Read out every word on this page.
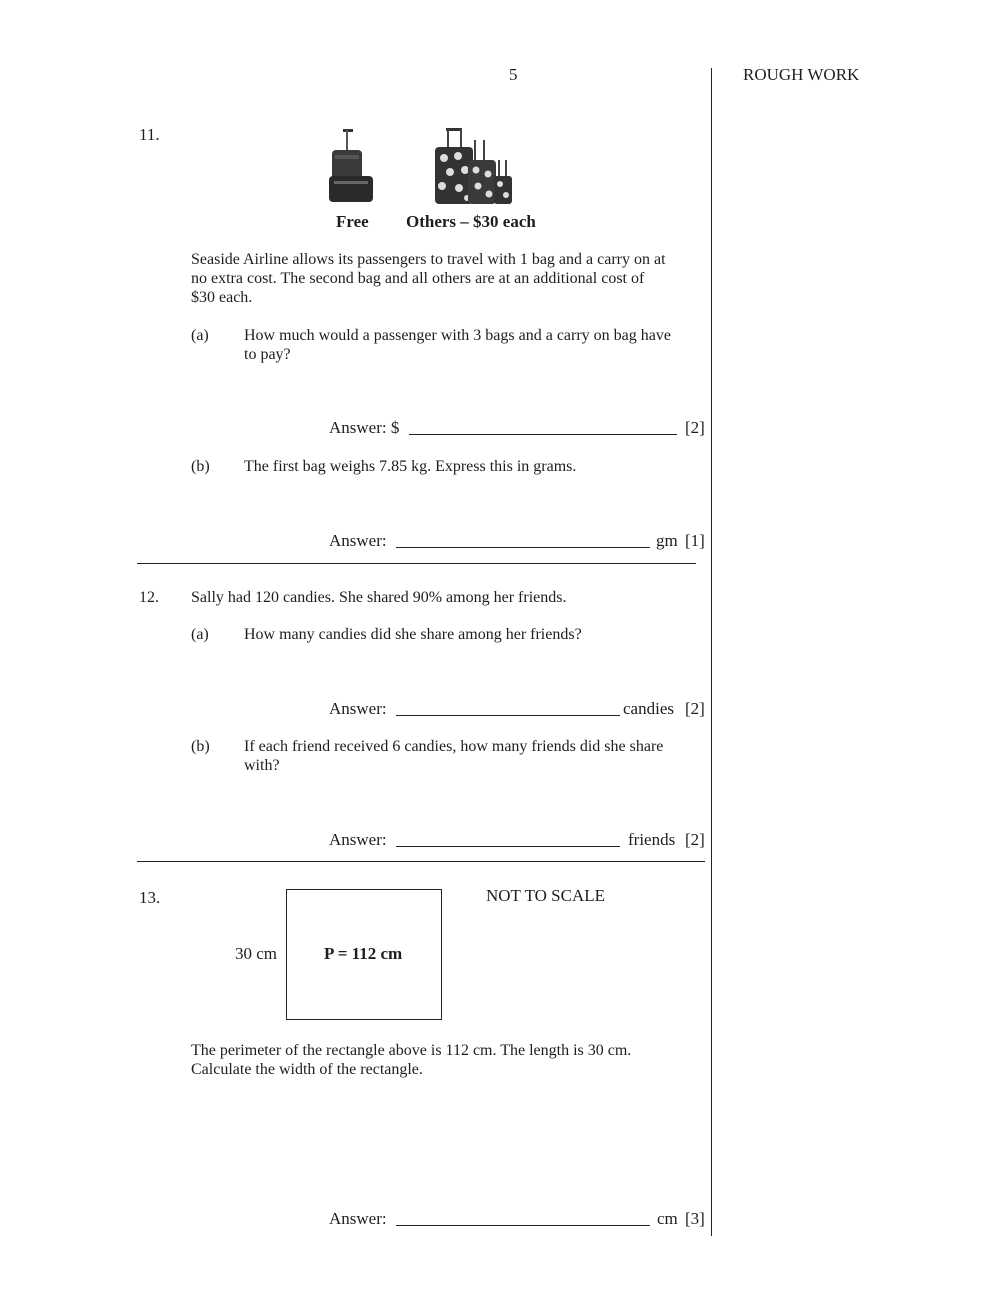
5	ROUGH WORK
11.
Free Others – $30 each
Seaside Airline allows its passengers to travel with 1 bag and a carry on at
no extra cost. The second bag and all others are at an additional cost of
$30 each.
(a) How much would a passenger with 3 bags and a carry on bag have
to pay?
Answer: $	[2]
(b) The first bag weighs 7.85 kg. Express this in grams.
Answer:	gm [1]
12. Sally had 120 candies. She shared 90% among her friends.
(a) How many candies did she share among her friends?
Answer:	candies [2]
(b) If each friend received 6 candies, how many friends did she share
with?
Answer:	friends [2]
13.	NOT TO SCALE
30 cm	P = 112 cm
The perimeter of the rectangle above is 112 cm. The length is 30 cm.
Calculate the width of the rectangle.
Answer:	cm [3]
